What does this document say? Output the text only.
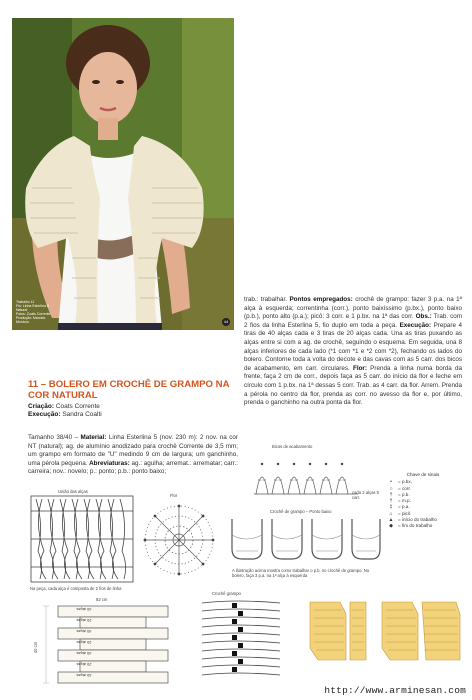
Trabalho 11
Fio: Linha Esterlina 5 Natural
Fotos: Coats Corrente
Produção: Marcelo Montoro	44

trab.: trabalhar. Pontos empregados: crochê de grampo: fazer 3 p.a. na 1ª alça à esquerda; correntinha (corr.), ponto baixíssimo (p.bx.), ponto baixo (p.b.), ponto alto (p.a.); picô: 3 corr. e 1 p.bx. na 1ª das corr. Obs.: Trab. com 2 fios da linha Esterlina 5, fio duplo em toda a peça. Execução: Prepare 4 tiras de 40 alças cada e 3 tiras de 20 alças cada. Una as tiras puxando as alças entre si com a ag. de crochê, seguindo o esquema. Em seguida, una 8 alças inferiores de cada lado (*1 com *1 e *2 com *2), fechando os lados do bolero. Contorne toda a volta do decote e das cavas com as 5 carr. dos bicos de acabamento, em carr. circulares. Flor: Prenda a linha numa borda da frente, faça 2 cm de corr., depois faça as 5 carr. do início da flor e feche em círculo com 1 p.bx. na 1ª dessas 5 corr. Trab. as 4 carr. da flor. Arrem. Prenda a pérola no centro da flor, prenda as corr. no avesso da flor e, por último, prenda o ganchinho na outra ponta da flor.

11 – BOLERO EM CROCHÊ DE GRAMPO NA COR NATURAL
Criação: Coats Corrente
Execução: Sandra Coalti
Tamanho 38/40 – Material: Linha Esterlina 5 (nov. 230 m): 2 nov. na cor NT (natural); ag. de alumínio anodizado para crochê Corrente de 3,5 mm; um grampo em formato de "U" medindo 9 cm de largura; um ganchinho, uma pérola pequena. Abreviaturas: ag.: agulha; arremat.: arrematar; carr.: carreira; nov.: novelo; p.: ponto; p.b.: ponto baixo;
União das alças
Na peça, cada alça é composta de 2 fios de linha
Flor
Bicos de acabamento
cada 2 alças 5 carr.
Chave de sinais
•	= p.bx.
○	= corr.
†	= p.b.
†	= m.p.
‡	= p.a.
⌂	= picô
▲ = início do trabalho
◆	= fim do trabalho
Crochê de grampo – Ponto baixo
A ilustração acima mostra como trabalhar o p.b. no crochê de grampo. No bolero, faça 3 p.a. na 1ª alça à esquerda
Crochê grampo
82 cm
40 cm
40 alças
20 alças
40 alças
20 alças
40 alças
20 alças
40 alças
http://www.arminesan.com
